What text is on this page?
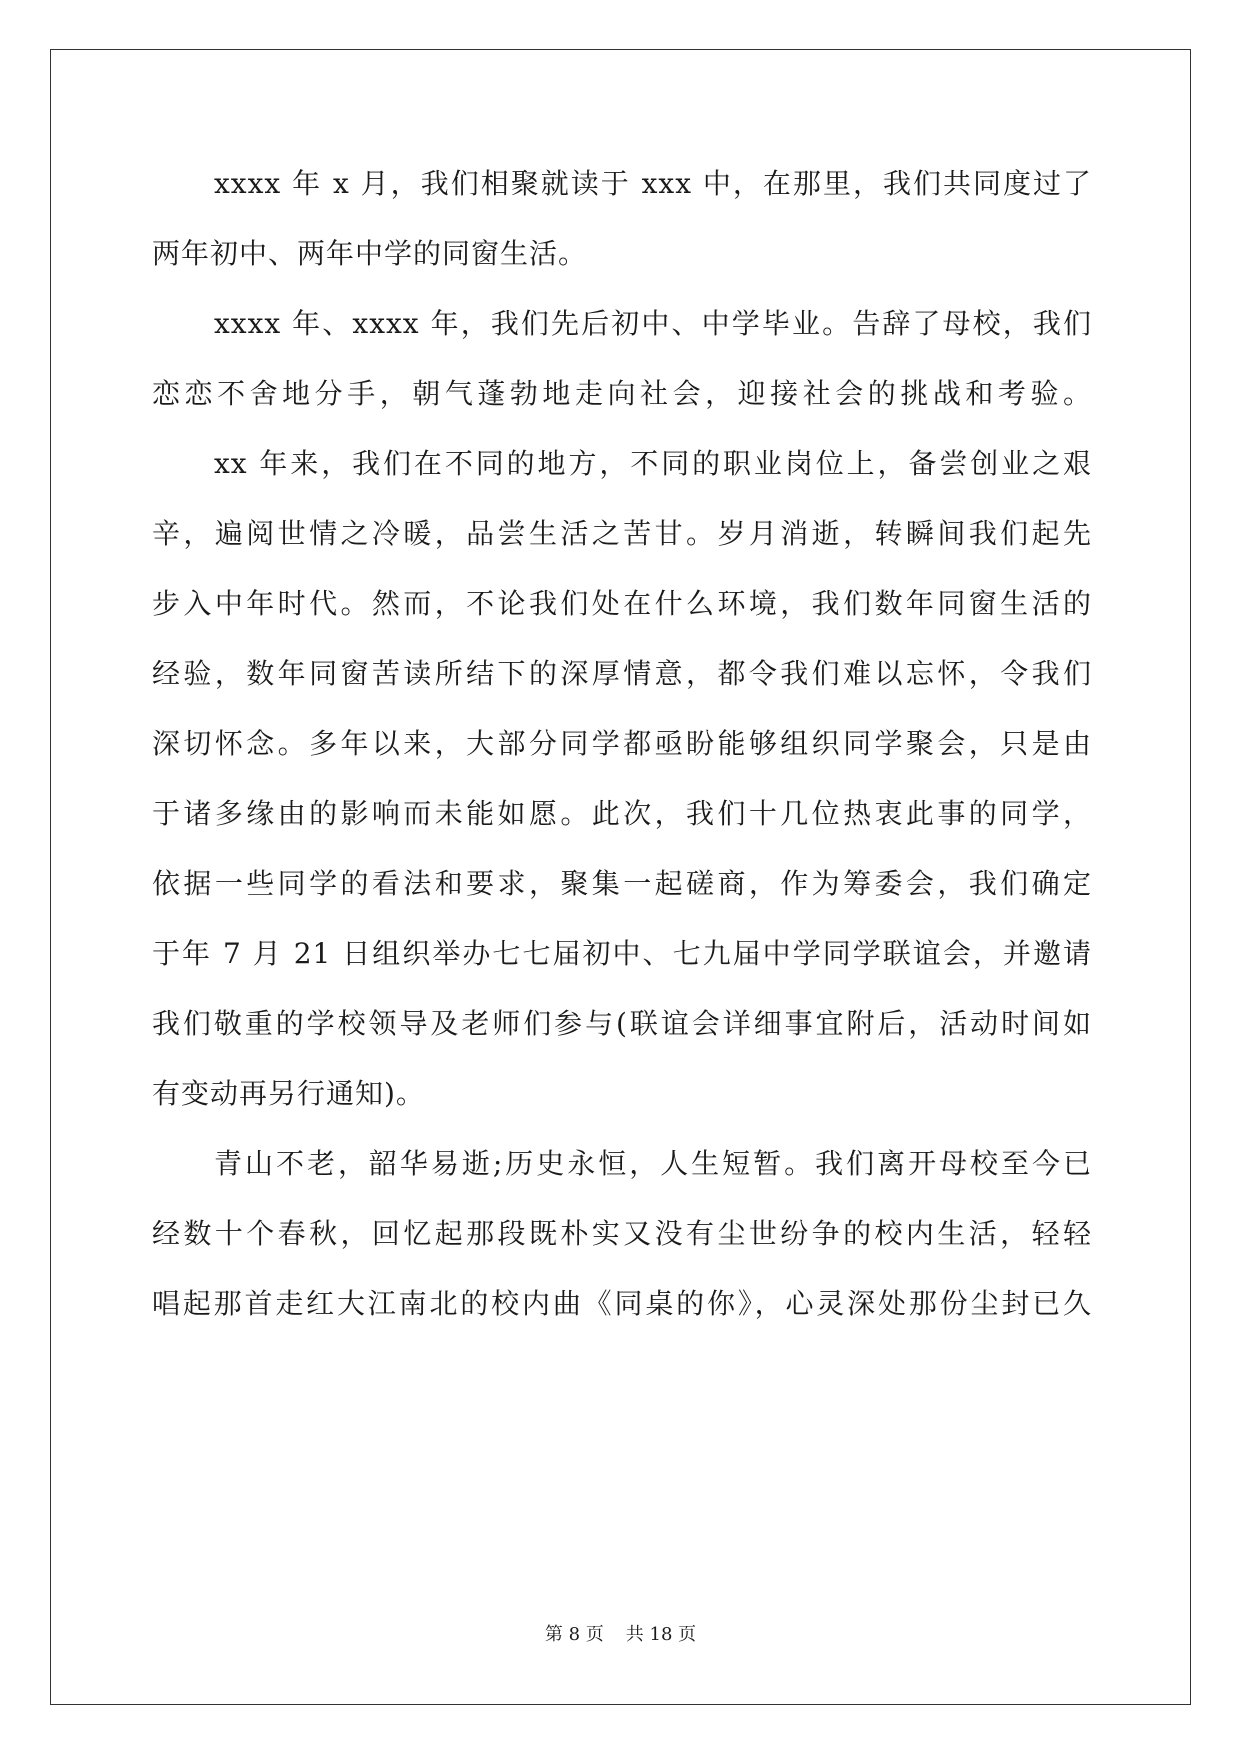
xxxx 年 x 月，我们相聚就读于 xxx 中，在那里，我们共同度过了
两年初中、两年中学的同窗生活。
xxxx 年、xxxx 年，我们先后初中、中学毕业。告辞了母校，我们
恋恋不舍地分手，朝气蓬勃地走向社会，迎接社会的挑战和考验。
xx 年来，我们在不同的地方，不同的职业岗位上，备尝创业之艰
辛，遍阅世情之冷暖，品尝生活之苦甘。岁月消逝，转瞬间我们起先
步入中年时代。然而，不论我们处在什么环境，我们数年同窗生活的
经验，数年同窗苦读所结下的深厚情意，都令我们难以忘怀，令我们
深切怀念。多年以来，大部分同学都亟盼能够组织同学聚会，只是由
于诸多缘由的影响而未能如愿。此次，我们十几位热衷此事的同学，
依据一些同学的看法和要求，聚集一起磋商，作为筹委会，我们确定
于年 7 月 21 日组织举办七七届初中、七九届中学同学联谊会，并邀请
我们敬重的学校领导及老师们参与(联谊会详细事宜附后，活动时间如
有变动再另行通知)。
青山不老，韶华易逝;历史永恒，人生短暂。我们离开母校至今已
经数十个春秋，回忆起那段既朴实又没有尘世纷争的校内生活，轻轻
唱起那首走红大江南北的校内曲《同桌的你》，心灵深处那份尘封已久
第 8 页 共 18 页
